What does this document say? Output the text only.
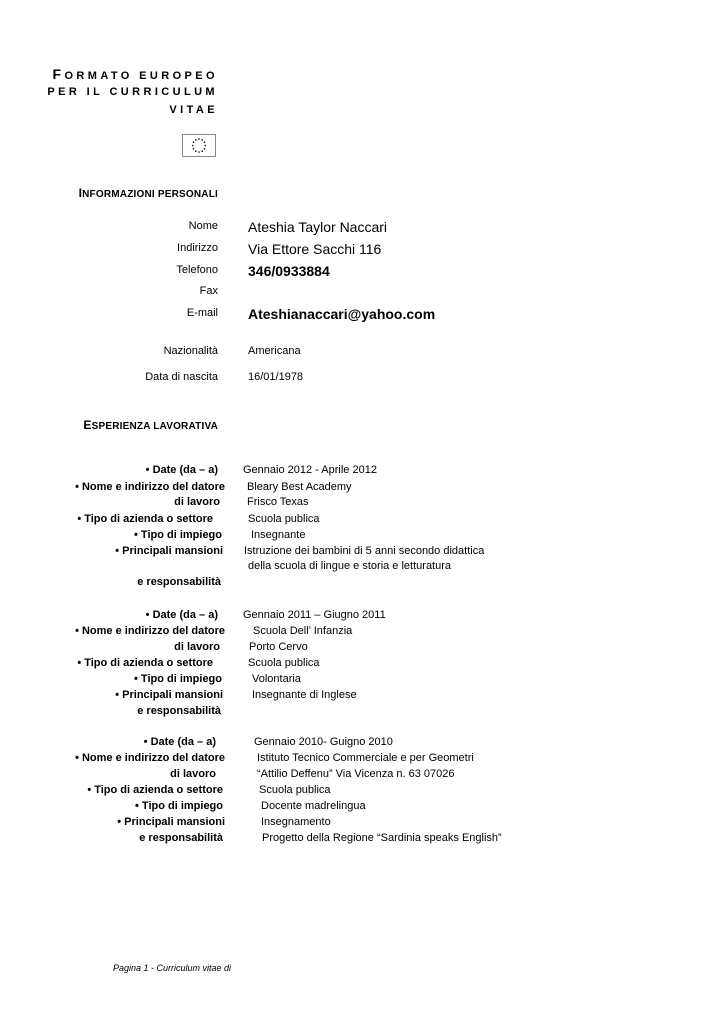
FORMATO EUROPEO
PER IL CURRICULUM
VITAE
INFORMAZIONI PERSONALI
Nome Ateshia Taylor Naccari
Indirizzo Via Ettore Sacchi 116
Telefono 346/0933884
Fax
E-mail Ateshianaccari@yahoo.com
Nazionalità	Americana
Data di nascita	16/01/1978
ESPERIENZA LAVORATIVA
• Date (da – a) Gennaio 2012 - Aprile 2012
• Nome e indirizzo del datore Bleary Best Academy
di lavoro Frisco Texas
• Tipo di azienda o settore	Scuola publica
• Tipo di impiego	Insegnante
• Principali mansioni Istruzione dei bambini di 5 anni secondo didattica
della scuola di lingue e storia e letturatura
e responsabilità
• Date (da – a) Gennaio 2011 – Giugno 2011
• Nome e indirizzo del datore	Scuola Dell’ Infanzia
di lavoro	Porto Cervo
• Tipo di azienda o settore	Scuola publica
• Tipo di impiego	Volontaria
• Principali mansioni	Insegnante di Inglese
e responsabilità
• Date (da – a)	Gennaio 2010- Guigno 2010
• Nome e indirizzo del datore	Istituto Tecnico Commerciale e per Geometri
di lavoro	“Attilio Deffenu” Via Vicenza n. 63 07026
• Tipo di azienda o settore	Scuola publica
• Tipo di impiego	Docente madrelingua
• Principali mansioni	Insegnamento
e responsabilità	Progetto della Regione “Sardinia speaks English”
Pagina 1 - Curriculum vitae di
